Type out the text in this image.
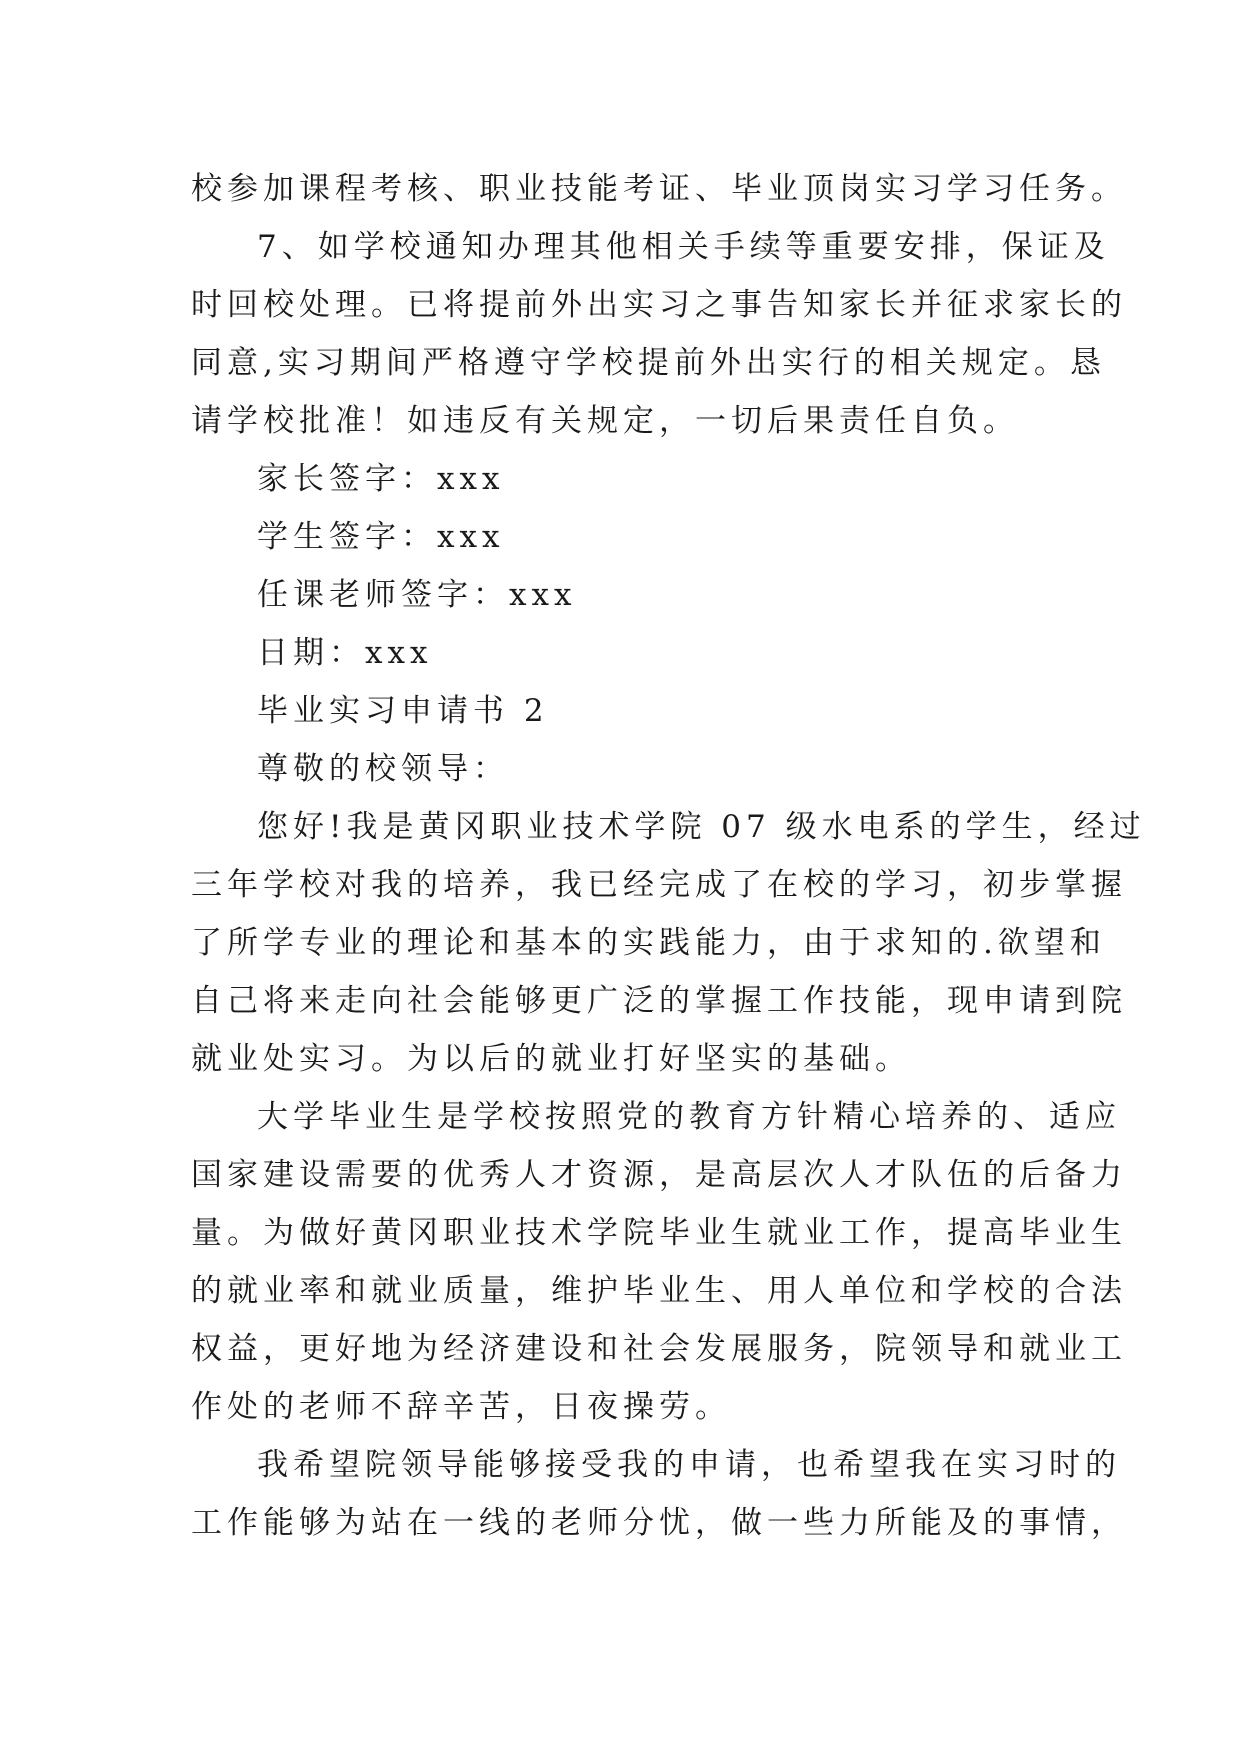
校参加课程考核、职业技能考证、毕业顶岗实习学习任务。
7、如学校通知办理其他相关手续等重要安排，保证及
时回校处理。已将提前外出实习之事告知家长并征求家长的
同意,实习期间严格遵守学校提前外出实行的相关规定。恳
请学校批准！如违反有关规定，一切后果责任自负。
家长签字：xxx
学生签字：xxx
任课老师签字：xxx
日期：xxx
毕业实习申请书 2
尊敬的校领导：
您好!我是黄冈职业技术学院 07 级水电系的学生，经过
三年学校对我的培养，我已经完成了在校的学习，初步掌握
了所学专业的理论和基本的实践能力，由于求知的.欲望和
自己将来走向社会能够更广泛的掌握工作技能，现申请到院
就业处实习。为以后的就业打好坚实的基础。
大学毕业生是学校按照党的教育方针精心培养的、适应
国家建设需要的优秀人才资源，是高层次人才队伍的后备力
量。为做好黄冈职业技术学院毕业生就业工作，提高毕业生
的就业率和就业质量，维护毕业生、用人单位和学校的合法
权益，更好地为经济建设和社会发展服务，院领导和就业工
作处的老师不辞辛苦，日夜操劳。
我希望院领导能够接受我的申请，也希望我在实习时的
工作能够为站在一线的老师分忧，做一些力所能及的事情，
